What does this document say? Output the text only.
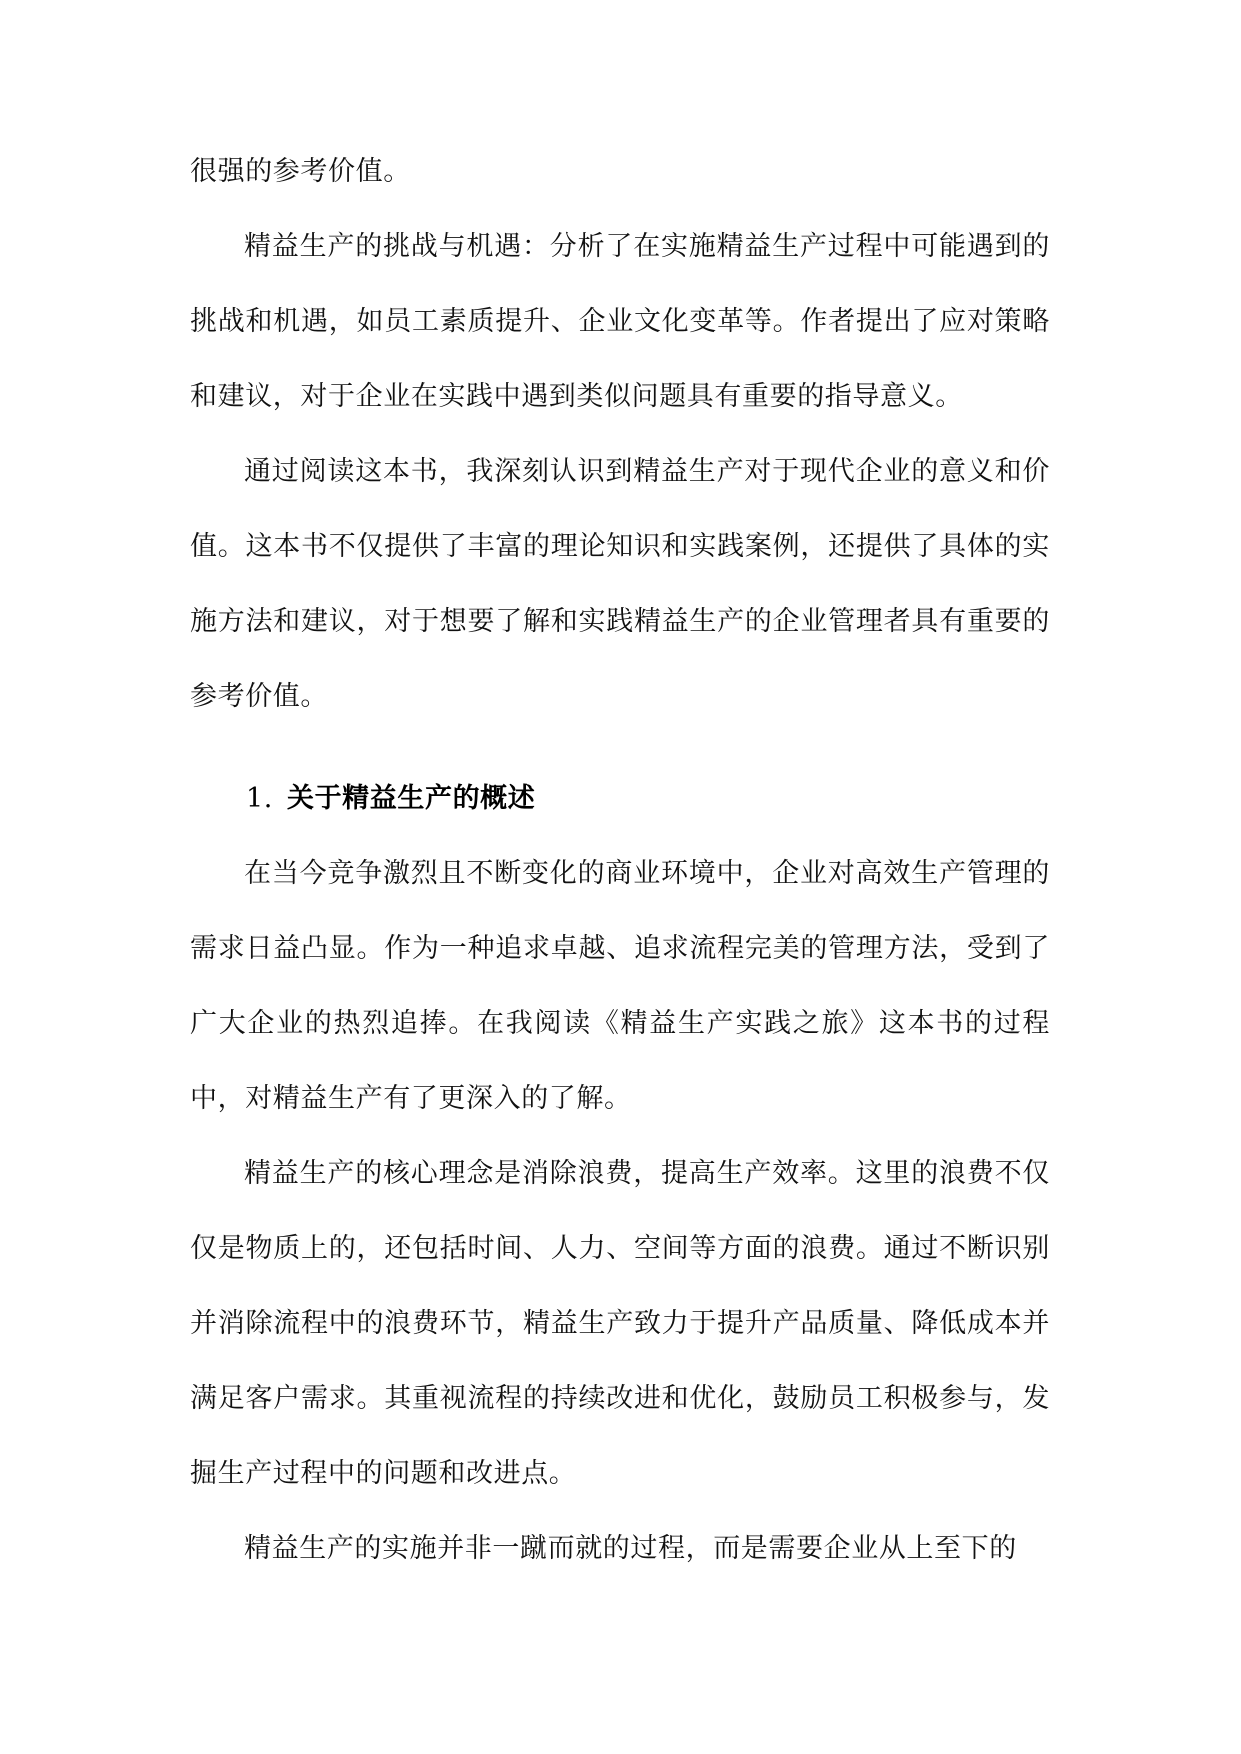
很强的参考价值。

精益生产的挑战与机遇：分析了在实施精益生产过程中可能遇到的挑战和机遇，如员工素质提升、企业文化变革等。作者提出了应对策略和建议，对于企业在实践中遇到类似问题具有重要的指导意义。

通过阅读这本书，我深刻认识到精益生产对于现代企业的意义和价值。这本书不仅提供了丰富的理论知识和实践案例，还提供了具体的实施方法和建议，对于想要了解和实践精益生产的企业管理者具有重要的参考价值。

1. 关于精益生产的概述

在当今竞争激烈且不断变化的商业环境中，企业对高效生产管理的需求日益凸显。作为一种追求卓越、追求流程完美的管理方法，受到了广大企业的热烈追捧。在我阅读《精益生产实践之旅》这本书的过程中，对精益生产有了更深入的了解。

精益生产的核心理念是消除浪费，提高生产效率。这里的浪费不仅仅是物质上的，还包括时间、人力、空间等方面的浪费。通过不断识别并消除流程中的浪费环节，精益生产致力于提升产品质量、降低成本并满足客户需求。其重视流程的持续改进和优化，鼓励员工积极参与，发掘生产过程中的问题和改进点。

精益生产的实施并非一蹴而就的过程，而是需要企业从上至下的
